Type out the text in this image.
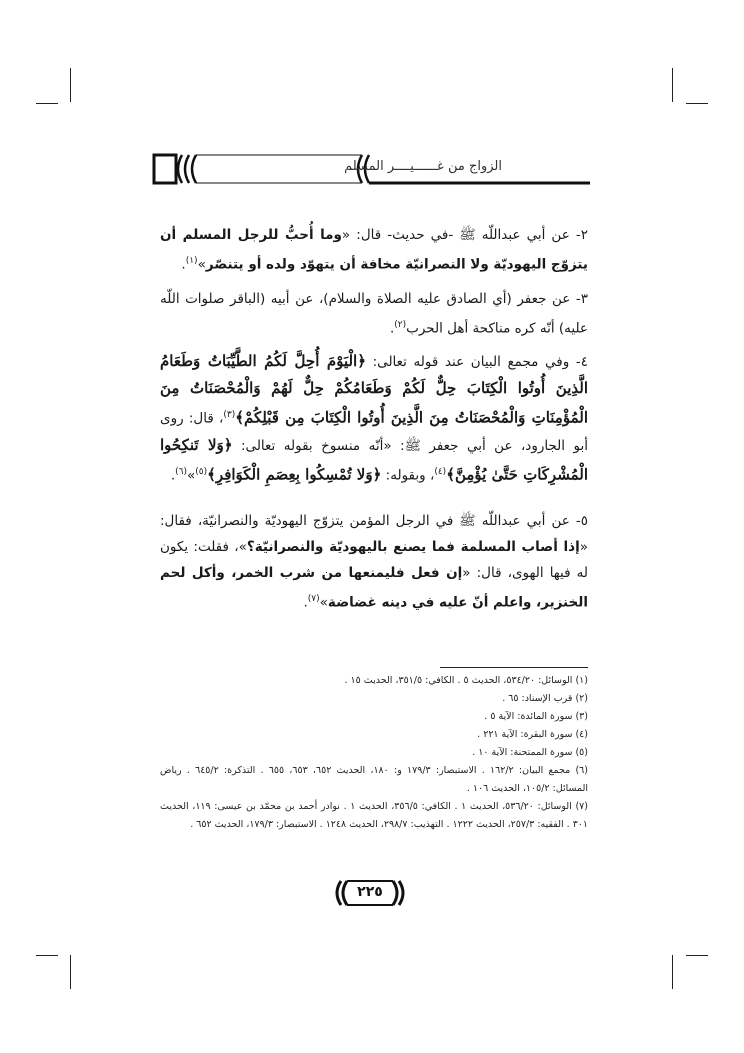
الزواج من غــــــيــــر المسلم

٢- عن أبي عبداللّه ﷺ -في حديث- قال: «وما أُحبُّ للرجل المسلم أن يتزوّج اليهوديّة ولا النصرانيّة مخافة أن يتهوّد ولده أو يتنصّر»$^{(١)}$.

٣- عن جعفر (أي الصادق عليه الصلاة والسلام)، عن أبيه (الباقر صلوات اللّه عليه) أنّه كره مناكحة أهل الحرب$^{(٢)}$.

٤- وفي مجمع البيان عند قوله تعالى: ﴿الْيَوْمَ أُحِلَّ لَكُمُ الطَّيِّبَاتُ وَطَعَامُ الَّذِينَ أُوتُوا الْكِتَابَ حِلٌّ لَكُمْ وَطَعَامُكُمْ حِلٌّ لَهُمْ وَالْمُحْصَنَاتُ مِنَ الْمُؤْمِنَاتِ وَالْمُحْصَنَاتُ مِنَ الَّذِينَ أُوتُوا الْكِتَابَ مِن قَبْلِكُمْ﴾$^{(٣)}$، قال: روى أبو الجارود، عن أبي جعفر ﷺ: «أنّه منسوخ بقوله تعالى: ﴿وَلا تَنكِحُوا الْمُشْرِكَاتِ حَتَّىٰ يُؤْمِنَّ﴾$^{(٤)}$، وبقوله: ﴿وَلا تُمْسِكُوا بِعِصَمِ الْكَوَافِرِ﴾$^{(٥)}$»$^{(٦)}$.

٥- عن أبي عبداللّه ﷺ في الرجل المؤمن يتزوّج اليهوديّة والنصرانيّة، فقال: «إذا أصاب المسلمة فما يصنع باليهوديّة والنصرانيّة؟»، فقلت: يكون له فيها الهوى، قال: «إن فعل فليمنعها من شرب الخمر، وأكل لحم الخنزير، واعلم أنّ عليه في دينه غضاضة»$^{(٧)}$.

(١) الوسائل: ٥٣٤/٢٠، الحديث ٥ . الكافي: ٣٥١/٥، الحديث ١٥ .

(٢) قرب الإسناد: ٦٥ .

(٣) سورة المائدة: الآية ٥ .

(٤) سورة البقرة: الآية ٢٢١ .

(٥) سورة الممتحنة: الآية ١٠ .

(٦) مجمع البيان: ١٦٢/٢ . الاستبصار: ١٧٩/٣ و: ١٨٠، الحديث ٦٥٢، ٦٥٣، ٦٥٥ . التذكرة: ٦٤٥/٢ . رياض المسائل: ١٠٥/٢، الحديث ١٠٦ .

(٧) الوسائل: ٥٣٦/٢٠، الحديث ١ . الكافي: ٣٥٦/٥، الحديث ١ . نوادر أحمد بن محمّد بن عيسى: ١١٩، الحديث ٣٠١ . الفقيه: ٢٥٧/٣، الحديث ١٢٢٢ . التهذيب: ٢٩٨/٧، الحديث ١٢٤٨ . الاستبصار: ١٧٩/٣، الحديث ٦٥٢ .

٢٢٥
